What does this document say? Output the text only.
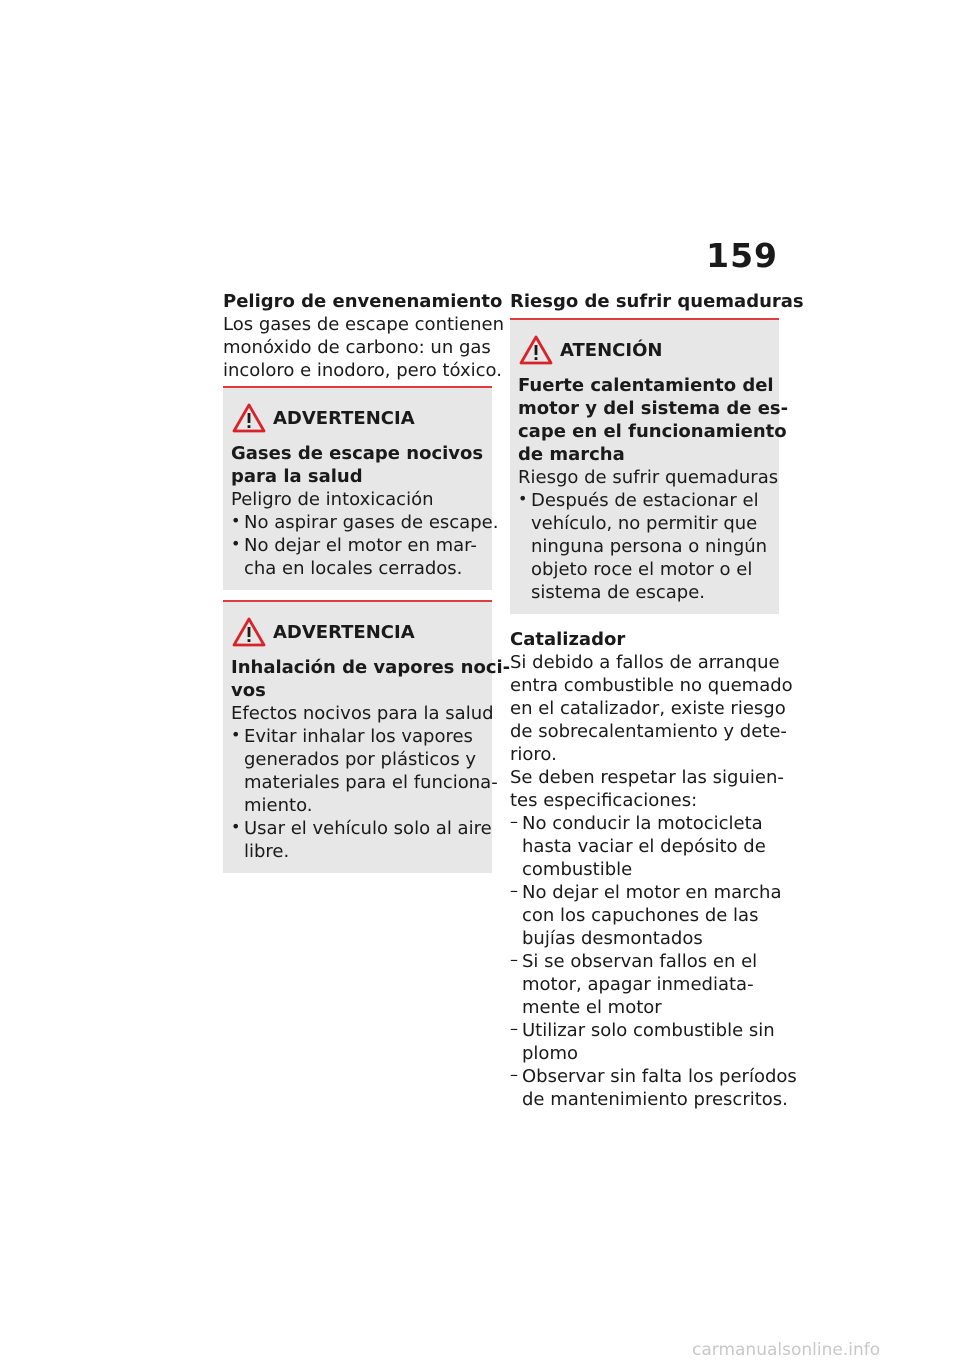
159

Peligro de envenenamiento

Los gases de escape contienen

monóxido de carbono: un gas

incoloro e inodoro, pero tóxico.

ADVERTENCIA

Gases de escape nocivos

para la salud

Peligro de intoxicación

• No aspirar gases de escape.

• No dejar el motor en mar-

cha en locales cerrados.

ADVERTENCIA

Inhalación de vapores noci-

vos

Efectos nocivos para la salud

• Evitar inhalar los vapores

generados por plásticos y

materiales para el funciona-

miento.

• Usar el vehículo solo al aire

libre.

Riesgo de sufrir quemaduras

ATENCIÓN

Fuerte calentamiento del

motor y del sistema de es-

cape en el funcionamiento

de marcha

Riesgo de sufrir quemaduras

• Después de estacionar el

vehículo, no permitir que

ninguna persona o ningún

objeto roce el motor o el

sistema de escape.

Catalizador

Si debido a fallos de arranque

entra combustible no quemado

en el catalizador, existe riesgo

de sobrecalentamiento y dete-

rioro.

Se deben respetar las siguien-

tes especificaciones:

– No conducir la motocicleta

hasta vaciar el depósito de

combustible

– No dejar el motor en marcha

con los capuchones de las

bujías desmontados

– Si se observan fallos en el

motor, apagar inmediata-

mente el motor

– Utilizar solo combustible sin

plomo

– Observar sin falta los períodos

de mantenimiento prescritos.

carmanualsonline.info
